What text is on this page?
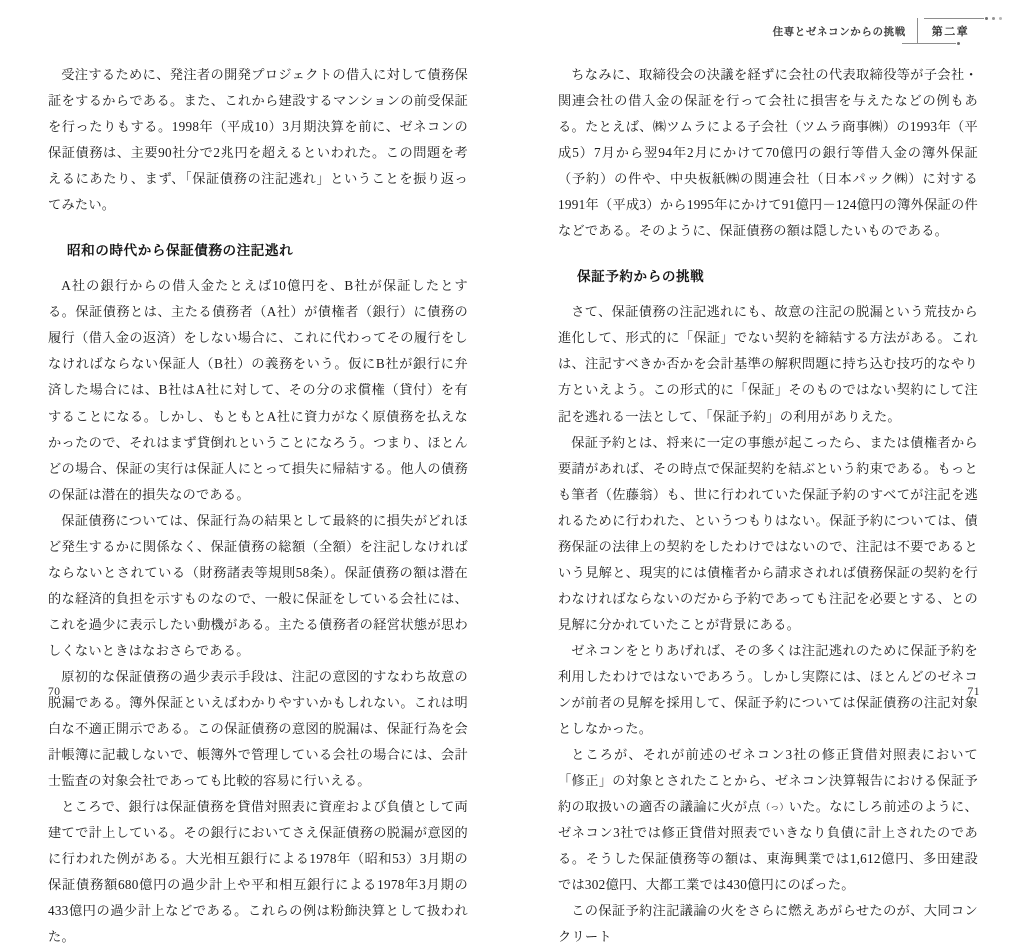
受注するために、発注者の開発プロジェクトの借入に対して債務保証をするからである。また、これから建設するマンションの前受保証を行ったりもする。1998年（平成10）3月期決算を前に、ゼネコンの保証債務は、主要90社分で2兆円を超えるといわれた。この問題を考えるにあたり、まず、「保証債務の注記逃れ」ということを振り返ってみたい。

昭和の時代から保証債務の注記逃れ

A社の銀行からの借入金たとえば10億円を、B社が保証したとする。保証債務とは、主たる債務者（A社）が債権者（銀行）に債務の履行（借入金の返済）をしない場合に、これに代わってその履行をしなければならない保証人（B社）の義務をいう。仮にB社が銀行に弁済した場合には、B社はA社に対して、その分の求償権（貸付）を有することになる。しかし、もともとA社に資力がなく原債務を払えなかったので、それはまず貸倒れということになろう。つまり、ほとんどの場合、保証の実行は保証人にとって損失に帰結する。他人の債務の保証は潜在的損失なのである。

保証債務については、保証行為の結果として最終的に損失がどれほど発生するかに関係なく、保証債務の総額（全額）を注記しなければならないとされている（財務諸表等規則58条）。保証債務の額は潜在的な経済的負担を示すものなので、一般に保証をしている会社には、これを過少に表示したい動機がある。主たる債務者の経営状態が思わしくないときはなおさらである。

原初的な保証債務の過少表示手段は、注記の意図的すなわち故意の脱漏である。簿外保証といえばわかりやすいかもしれない。これは明白な不適正開示である。この保証債務の意図的脱漏は、保証行為を会計帳簿に記載しないで、帳簿外で管理している会社の場合には、会計士監査の対象会社であっても比較的容易に行いえる。

ところで、銀行は保証債務を貸借対照表に資産および負債として両建てで計上している。その銀行においてさえ保証債務の脱漏が意図的に行われた例がある。大光相互銀行による1978年（昭和53）3月期の保証債務額680億円の過少計上や平和相互銀行による1978年3月期の433億円の過少計上などである。これらの例は粉飾決算として扱われた。

70
住専とゼネコンからの挑戦	第二章

ちなみに、取締役会の決議を経ずに会社の代表取締役等が子会社・関連会社の借入金の保証を行って会社に損害を与えたなどの例もある。たとえば、㈱ツムラによる子会社（ツムラ商事㈱）の1993年（平成5）7月から翌94年2月にかけて70億円の銀行等借入金の簿外保証（予約）の件や、中央板紙㈱の関連会社（日本パック㈱）に対する1991年（平成3）から1995年にかけて91億円－124億円の簿外保証の件などである。そのように、保証債務の額は隠したいものである。

保証予約からの挑戦

さて、保証債務の注記逃れにも、故意の注記の脱漏という荒技から進化して、形式的に「保証」でない契約を締結する方法がある。これは、注記すべきか否かを会計基準の解釈問題に持ち込む技巧的なやり方といえよう。この形式的に「保証」そのものではない契約にして注記を逃れる一法として、「保証予約」の利用がありえた。

保証予約とは、将来に一定の事態が起こったら、または債権者から要請があれば、その時点で保証契約を結ぶという約束である。もっとも筆者（佐藤翁）も、世に行われていた保証予約のすべてが注記を逃れるために行われた、というつもりはない。保証予約については、債務保証の法律上の契約をしたわけではないので、注記は不要であるという見解と、現実的には債権者から請求されれば債務保証の契約を行わなければならないのだから予約であっても注記を必要とする、との見解に分かれていたことが背景にある。

ゼネコンをとりあげれば、その多くは注記逃れのために保証予約を利用したわけではないであろう。しかし実際には、ほとんどのゼネコンが前者の見解を採用して、保証予約については保証債務の注記対象としなかった。

ところが、それが前述のゼネコン3社の修正貸借対照表において「修正」の対象とされたことから、ゼネコン決算報告における保証予約の取扱いの適否の議論に火が点（っ）いた。なにしろ前述のように、ゼネコン3社では修正貸借対照表でいきなり負債に計上されたのである。そうした保証債務等の額は、東海興業では1,612億円、多田建設では302億円、大都工業では430億円にのぼった。

この保証予約注記議論の火をさらに燃えあがらせたのが、大同コンクリート

71
